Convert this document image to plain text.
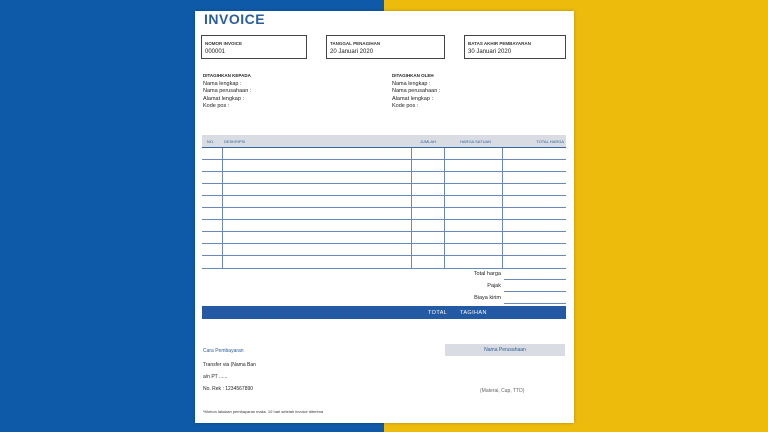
INVOICE
NOMOR INVOICE
000001
TANGGAL PENAGIHAN
20 Januari 2020
BATAS AKHIR PEMBAYARAN
30 Januari 2020
DITAGIHKAN KEPADA
Nama lengkap :
Nama perusahaan :
Alamat lengkap :
Kode pos :
DITAGIHKAN OLEH
Nama lengkap :
Nama perusahaan :
Alamat lengkap :
Kode pos :
NO. DESKRIPSI	JUMLAH	HARGA SATUAN	TOTAL HARGA
Total harga
Pajak
Biaya kirim
TOTAL TAGIHAN
Cara Pembayaran
Transfer via (Nama Ban
a/n PT ......
No. Rek : 1234567890
Nama Perusahaan
(Materai, Cap, TTD)
*Mohon lakukan pembayaran maks. 10 hari setelah invoice diterima
